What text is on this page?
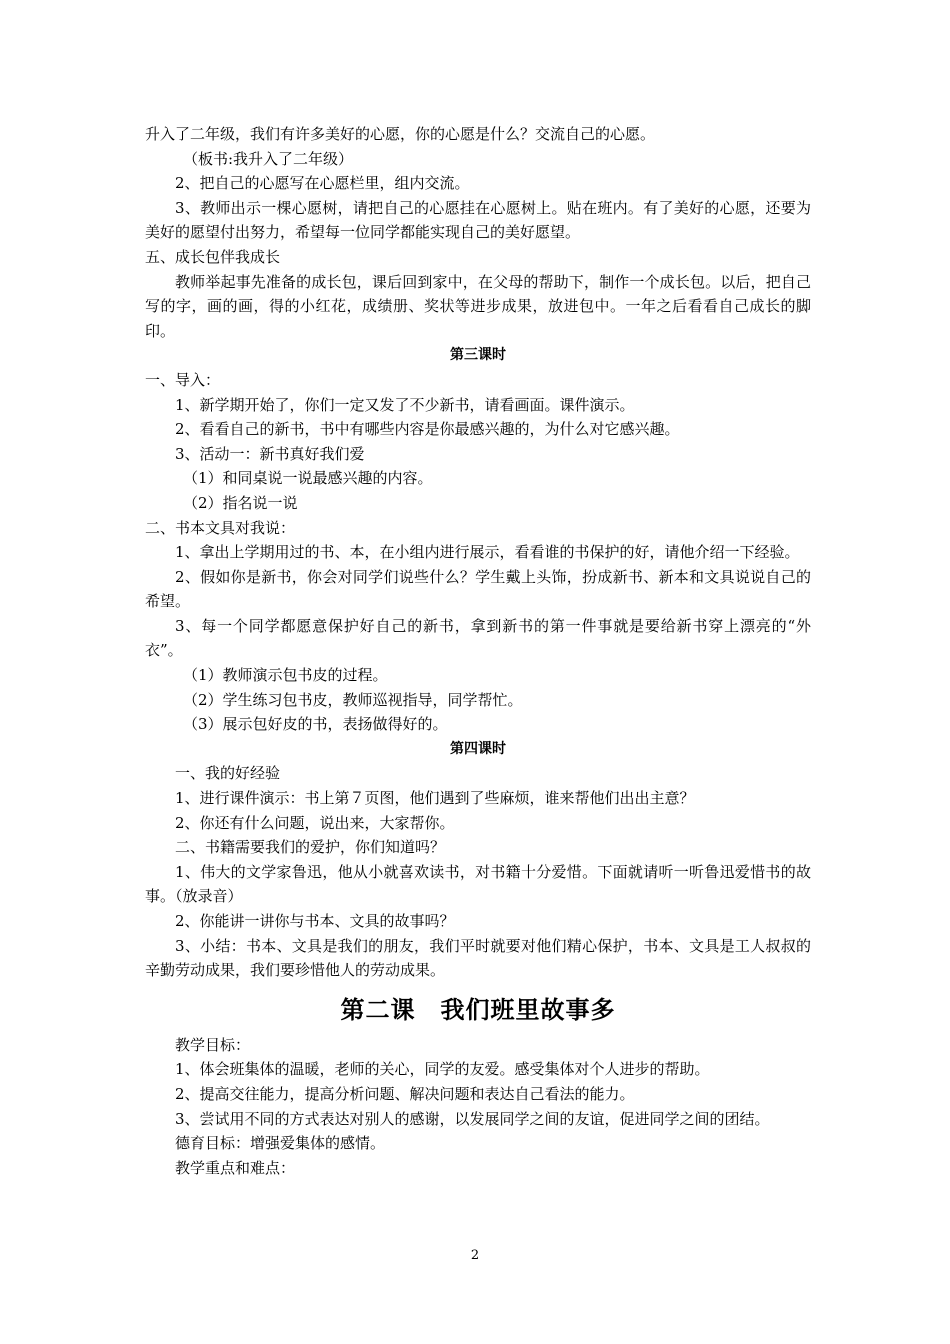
升入了二年级，我们有许多美好的心愿，你的心愿是什么？交流自己的心愿。

（板书:我升入了二年级）

2、把自己的心愿写在心愿栏里，组内交流。

3、教师出示一棵心愿树，请把自己的心愿挂在心愿树上。贴在班内。有了美好的心愿，还要为美好的愿望付出努力，希望每一位同学都能实现自己的美好愿望。

五、成长包伴我成长

教师举起事先准备的成长包，课后回到家中，在父母的帮助下，制作一个成长包。以后，把自己写的字，画的画，得的小红花，成绩册、奖状等进步成果，放进包中。一年之后看看自己成长的脚印。

第三课时

一、导入：

1、新学期开始了，你们一定又发了不少新书，请看画面。课件演示。

2、看看自己的新书，书中有哪些内容是你最感兴趣的，为什么对它感兴趣。

3、活动一：新书真好我们爱

（1）和同桌说一说最感兴趣的内容。

（2）指名说一说

二、书本文具对我说：

1、拿出上学期用过的书、本，在小组内进行展示，看看谁的书保护的好，请他介绍一下经验。

2、假如你是新书，你会对同学们说些什么？学生戴上头饰，扮成新书、新本和文具说说自己的希望。

3、每一个同学都愿意保护好自己的新书，拿到新书的第一件事就是要给新书穿上漂亮的“外衣”。

（1）教师演示包书皮的过程。

（2）学生练习包书皮，教师巡视指导，同学帮忙。

（3）展示包好皮的书，表扬做得好的。

第四课时

一、我的好经验

1、进行课件演示：书上第７页图，他们遇到了些麻烦，谁来帮他们出出主意？

2、你还有什么问题，说出来，大家帮你。

二、书籍需要我们的爱护，你们知道吗？

1、伟大的文学家鲁迅，他从小就喜欢读书，对书籍十分爱惜。下面就请听一听鲁迅爱惜书的故事。（放录音）

2、你能讲一讲你与书本、文具的故事吗？

3、小结：书本、文具是我们的朋友，我们平时就要对他们精心保护，书本、文具是工人叔叔的辛勤劳动成果，我们要珍惜他人的劳动成果。

第二课　我们班里故事多

教学目标：

1、体会班集体的温暖，老师的关心，同学的友爱。感受集体对个人进步的帮助。

2、提高交往能力，提高分析问题、解决问题和表达自己看法的能力。

3、尝试用不同的方式表达对别人的感谢，以发展同学之间的友谊，促进同学之间的团结。

德育目标：增强爱集体的感情。

教学重点和难点：

2
